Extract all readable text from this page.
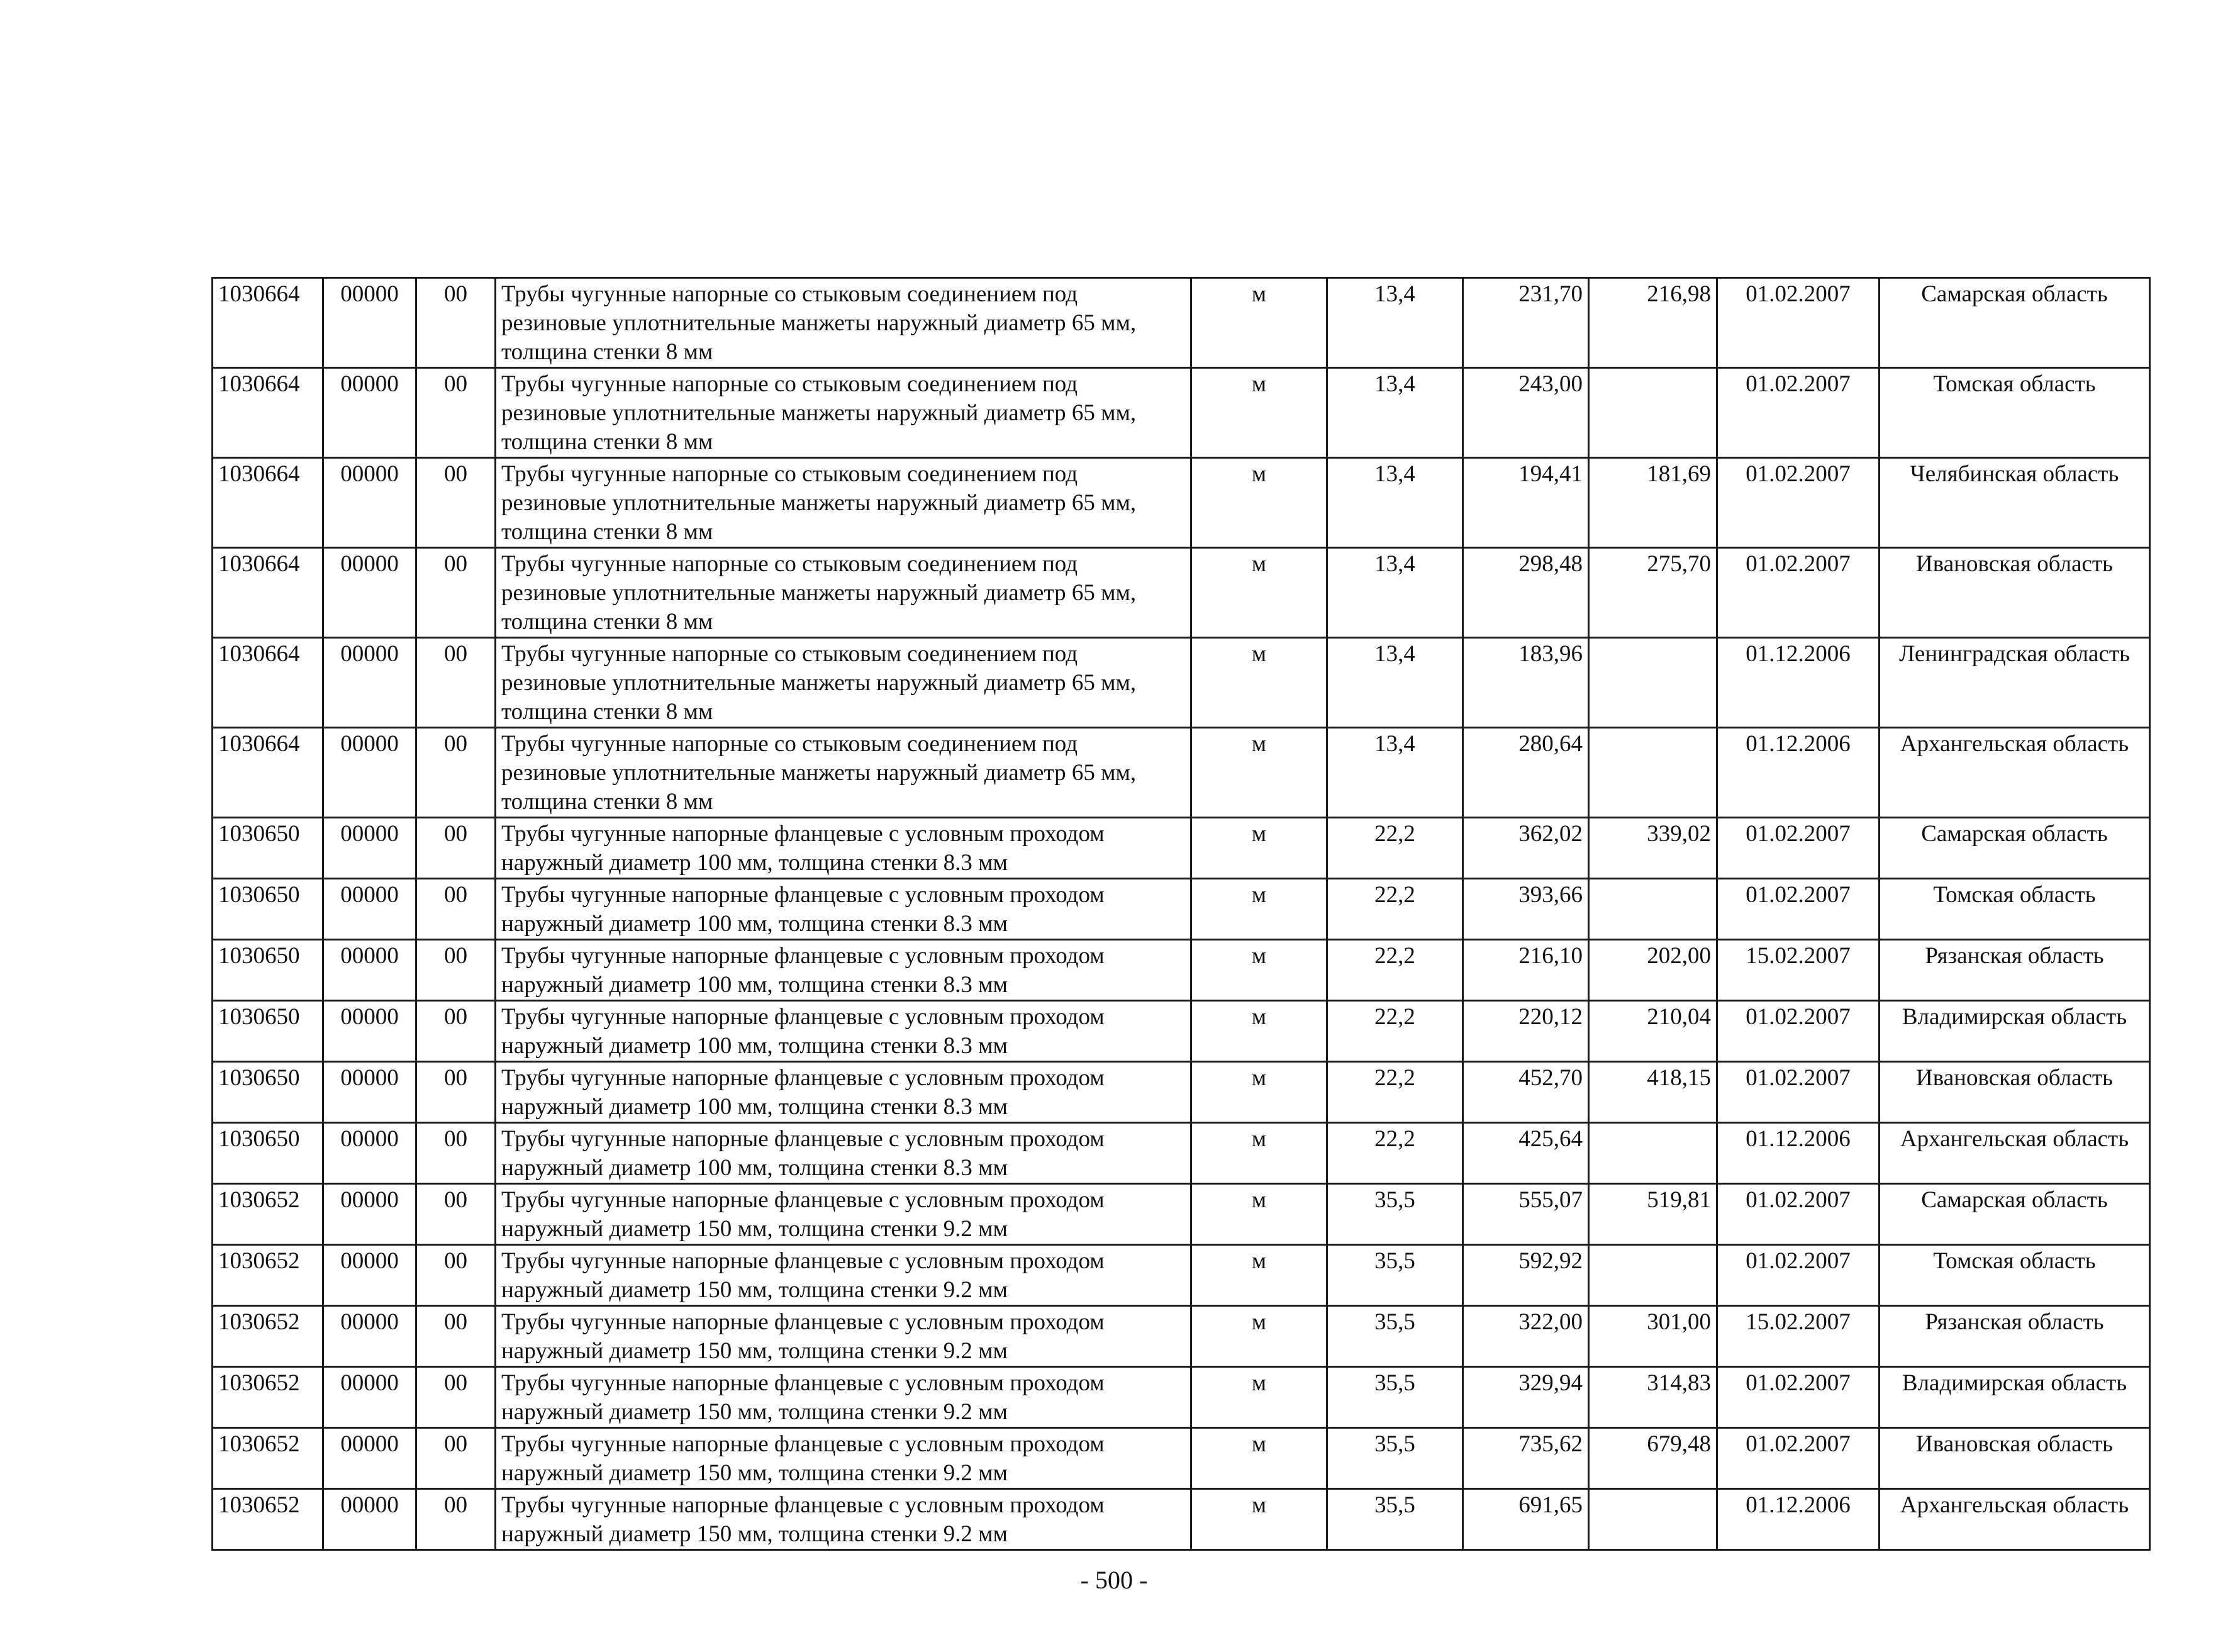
1030664	00000	00	Трубы чугунные напорные со стыковым соединением под резиновые уплотнительные манжеты наружный диаметр 65 мм, толщина стенки 8 мм	м	13,4	231,70	216,98	01.02.2007	Самарская область
1030664	00000	00	Трубы чугунные напорные со стыковым соединением под резиновые уплотнительные манжеты наружный диаметр 65 мм, толщина стенки 8 мм	м	13,4	243,00		01.02.2007	Томская область
1030664	00000	00	Трубы чугунные напорные со стыковым соединением под резиновые уплотнительные манжеты наружный диаметр 65 мм, толщина стенки 8 мм	м	13,4	194,41	181,69	01.02.2007	Челябинская область
1030664	00000	00	Трубы чугунные напорные со стыковым соединением под резиновые уплотнительные манжеты наружный диаметр 65 мм, толщина стенки 8 мм	м	13,4	298,48	275,70	01.02.2007	Ивановская область
1030664	00000	00	Трубы чугунные напорные со стыковым соединением под резиновые уплотнительные манжеты наружный диаметр 65 мм, толщина стенки 8 мм	м	13,4	183,96		01.12.2006	Ленинградская область
1030664	00000	00	Трубы чугунные напорные со стыковым соединением под резиновые уплотнительные манжеты наружный диаметр 65 мм, толщина стенки 8 мм	м	13,4	280,64		01.12.2006	Архангельская область
1030650	00000	00	Трубы чугунные напорные фланцевые с условным проходом наружный диаметр 100 мм, толщина стенки 8.3 мм	м	22,2	362,02	339,02	01.02.2007	Самарская область
1030650	00000	00	Трубы чугунные напорные фланцевые с условным проходом наружный диаметр 100 мм, толщина стенки 8.3 мм	м	22,2	393,66		01.02.2007	Томская область
1030650	00000	00	Трубы чугунные напорные фланцевые с условным проходом наружный диаметр 100 мм, толщина стенки 8.3 мм	м	22,2	216,10	202,00	15.02.2007	Рязанская область
1030650	00000	00	Трубы чугунные напорные фланцевые с условным проходом наружный диаметр 100 мм, толщина стенки 8.3 мм	м	22,2	220,12	210,04	01.02.2007	Владимирская область
1030650	00000	00	Трубы чугунные напорные фланцевые с условным проходом наружный диаметр 100 мм, толщина стенки 8.3 мм	м	22,2	452,70	418,15	01.02.2007	Ивановская область
1030650	00000	00	Трубы чугунные напорные фланцевые с условным проходом наружный диаметр 100 мм, толщина стенки 8.3 мм	м	22,2	425,64		01.12.2006	Архангельская область
1030652	00000	00	Трубы чугунные напорные фланцевые с условным проходом наружный диаметр 150 мм, толщина стенки 9.2 мм	м	35,5	555,07	519,81	01.02.2007	Самарская область
1030652	00000	00	Трубы чугунные напорные фланцевые с условным проходом наружный диаметр 150 мм, толщина стенки 9.2 мм	м	35,5	592,92		01.02.2007	Томская область
1030652	00000	00	Трубы чугунные напорные фланцевые с условным проходом наружный диаметр 150 мм, толщина стенки 9.2 мм	м	35,5	322,00	301,00	15.02.2007	Рязанская область
1030652	00000	00	Трубы чугунные напорные фланцевые с условным проходом наружный диаметр 150 мм, толщина стенки 9.2 мм	м	35,5	329,94	314,83	01.02.2007	Владимирская область
1030652	00000	00	Трубы чугунные напорные фланцевые с условным проходом наружный диаметр 150 мм, толщина стенки 9.2 мм	м	35,5	735,62	679,48	01.02.2007	Ивановская область
1030652	00000	00	Трубы чугунные напорные фланцевые с условным проходом наружный диаметр 150 мм, толщина стенки 9.2 мм	м	35,5	691,65		01.12.2006	Архангельская область
- 500 -
